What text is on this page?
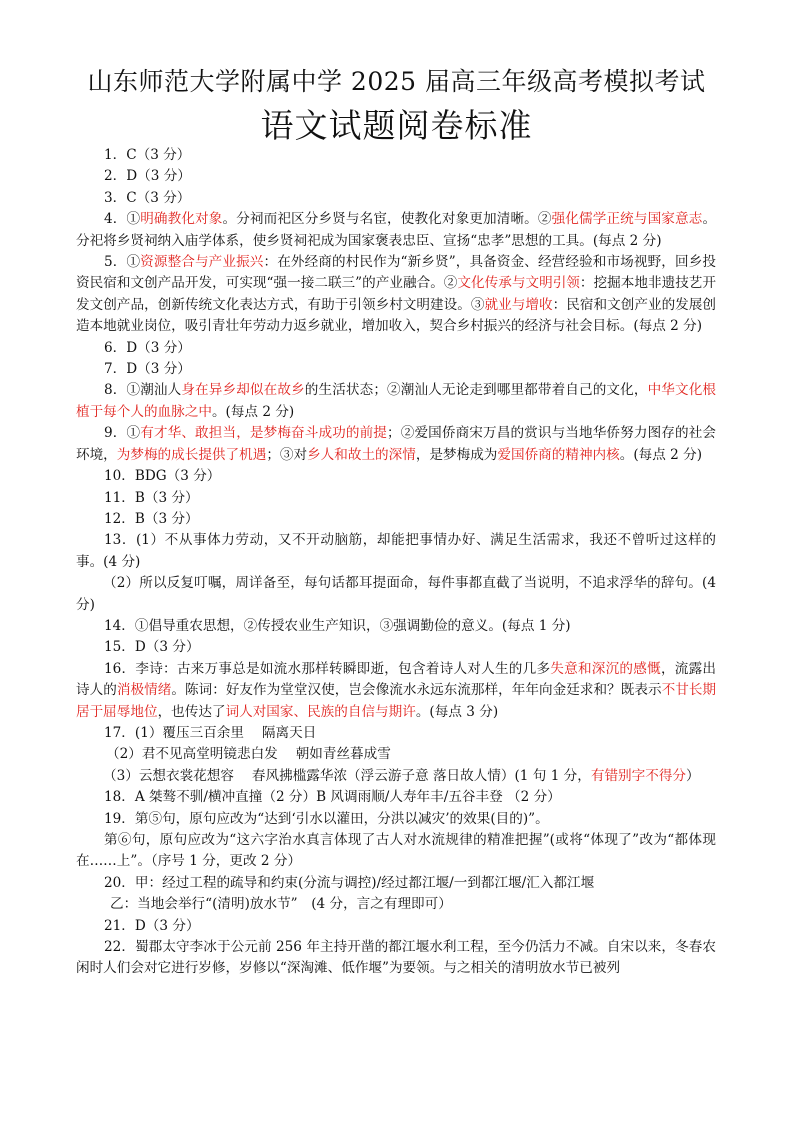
山东师范大学附属中学 2025 届高三年级高考模拟考试
语文试题阅卷标准

1．C（3 分）

2．D（3 分）

3．C（3 分）

4．①明确教化对象。分祠而祀区分乡贤与名宦，使教化对象更加清晰。②强化儒学正统与国家意志。分祀将乡贤祠纳入庙学体系，使乡贤祠祀成为国家褒表忠臣、宣扬“忠孝”思想的工具。(每点 2 分)

5．①资源整合与产业振兴：在外经商的村民作为“新乡贤”，具备资金、经营经验和市场视野，回乡投资民宿和文创产品开发，可实现“强一接二联三”的产业融合。②文化传承与文明引领：挖掘本地非遗技艺开发文创产品，创新传统文化表达方式，有助于引领乡村文明建设。③就业与增收：民宿和文创产业的发展创造本地就业岗位，吸引青壮年劳动力返乡就业，增加收入，契合乡村振兴的经济与社会目标。(每点 2 分)

6．D（3 分）

7．D（3 分）

8．①潮汕人身在异乡却似在故乡的生活状态；②潮汕人无论走到哪里都带着自己的文化，中华文化根植于每个人的血脉之中。(每点 2 分)

9．①有才华、敢担当，是梦梅奋斗成功的前提；②爱国侨商宋万昌的赏识与当地华侨努力图存的社会环境，为梦梅的成长提供了机遇；③对乡人和故土的深情，是梦梅成为爱国侨商的精神内核。(每点 2 分)

10．BDG（3 分）

11．B（3 分）

12．B（3 分）

13．(1）不从事体力劳动，又不开动脑筋，却能把事情办好、满足生活需求，我还不曾听过这样的事。(4 分)

（2）所以反复叮嘱，周详备至，每句话都耳提面命，每件事都直截了当说明，不追求浮华的辞句。(4 分)

14．①倡导重农思想，②传授农业生产知识，③强调勤俭的意义。(每点 1 分)

15．D（3 分）

16．李诗：古来万事总是如流水那样转瞬即逝，包含着诗人对人生的几多失意和深沉的感慨，流露出诗人的消极情绪。陈词：好友作为堂堂汉使，岂会像流水永远东流那样，年年向金廷求和？既表示不甘长期居于屈辱地位，也传达了词人对国家、民族的自信与期许。(每点 3 分)

17．(1）覆压三百余里　 隔离天日

（2）君不见高堂明镜悲白发　 朝如青丝暮成雪

（3）云想衣裳花想容　 春风拂槛露华浓（浮云游子意 落日故人情）(1 句 1 分，有错别字不得分）

18．A 桀骜不驯/横冲直撞（2 分）B 风调雨顺/人寿年丰/五谷丰登 （2 分）

19．第⑤句，原句应改为“达到‘引水以灌田，分洪以减灾’的效果(目的)”。

第⑥句，原句应改为“这六字治水真言体现了古人对水流规律的精准把握”(或将“体现了”改为“都体现在……上”。（序号 1 分，更改 2 分）

20．甲：经过工程的疏导和约束(分流与调控)/经过都江堰/一到都江堰/汇入都江堰

乙：当地会举行“(清明)放水节”　(4 分，言之有理即可）

21．D（3 分）

22．蜀郡太守李冰于公元前 256 年主持开凿的都江堰水利工程，至今仍活力不减。自宋以来，冬春农闲时人们会对它进行岁修，岁修以“深淘滩、低作堰”为要领。与之相关的清明放水节已被列
